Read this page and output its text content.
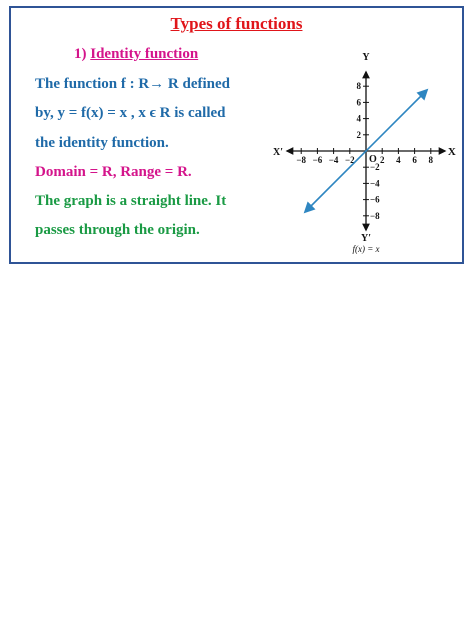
Types of functions
1) Identity function
The function f : R→ R defined
by, y = f(x) = x , x ϵ R is called
the identity function.
Domain = R, Range = R.
The graph is a straight line. It
passes through the origin.
−8 −6 −4 −2	2 4 6 8
8
6
4
2
−2
−4
−6
−8
X
X′
Y
Y′
O
f(x) = x
